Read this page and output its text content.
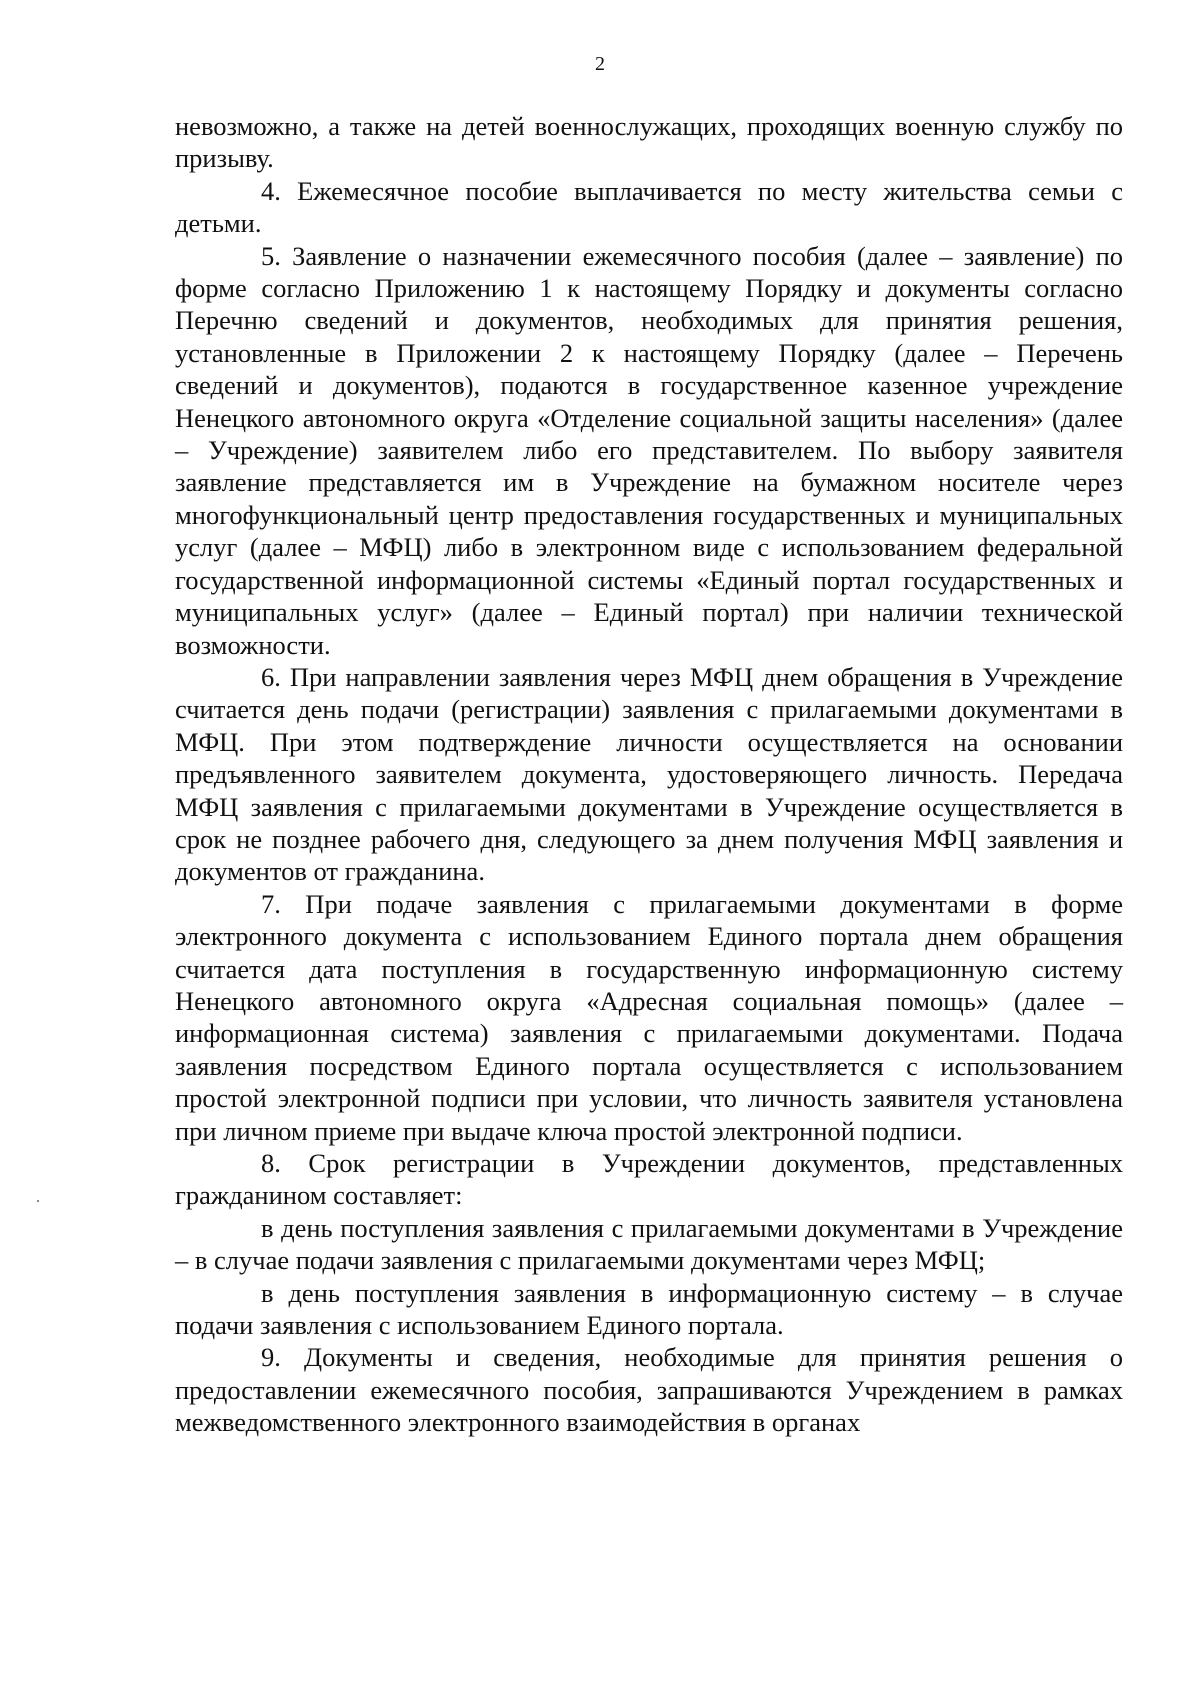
2

невозможно, а также на детей военнослужащих, проходящих военную службу по призыву.

4. Ежемесячное пособие выплачивается по месту жительства семьи с детьми.

5. Заявление о назначении ежемесячного пособия (далее – заявление) по форме согласно Приложению 1 к настоящему Порядку и документы согласно Перечню сведений и документов, необходимых для принятия решения, установленные в Приложении 2 к настоящему Порядку (далее – Перечень сведений и документов), подаются в государственное казенное учреждение Ненецкого автономного округа «Отделение социальной защиты населения» (далее – Учреждение) заявителем либо его представителем. По выбору заявителя заявление представляется им в Учреждение на бумажном носителе через многофункциональный центр предоставления государственных и муниципальных услуг (далее – МФЦ) либо в электронном виде с использованием федеральной государственной информационной системы «Единый портал государственных и муниципальных услуг» (далее – Единый портал) при наличии технической возможности.

6. При направлении заявления через МФЦ днем обращения в Учреждение считается день подачи (регистрации) заявления с прилагаемыми документами в МФЦ. При этом подтверждение личности осуществляется на основании предъявленного заявителем документа, удостоверяющего личность. Передача МФЦ заявления с прилагаемыми документами в Учреждение осуществляется в срок не позднее рабочего дня, следующего за днем получения МФЦ заявления и документов от гражданина.

7. При подаче заявления с прилагаемыми документами в форме электронного документа с использованием Единого портала днем обращения считается дата поступления в государственную информационную систему Ненецкого автономного округа «Адресная социальная помощь» (далее – информационная система) заявления с прилагаемыми документами. Подача заявления посредством Единого портала осуществляется с использованием простой электронной подписи при условии, что личность заявителя установлена при личном приеме при выдаче ключа простой электронной подписи.

8. Срок регистрации в Учреждении документов, представленных гражданином составляет:

в день поступления заявления с прилагаемыми документами в Учреждение – в случае подачи заявления с прилагаемыми документами через МФЦ;

в день поступления заявления в информационную систему – в случае подачи заявления с использованием Единого портала.

9. Документы и сведения, необходимые для принятия решения о предоставлении ежемесячного пособия, запрашиваются Учреждением в рамках межведомственного электронного взаимодействия в органах
